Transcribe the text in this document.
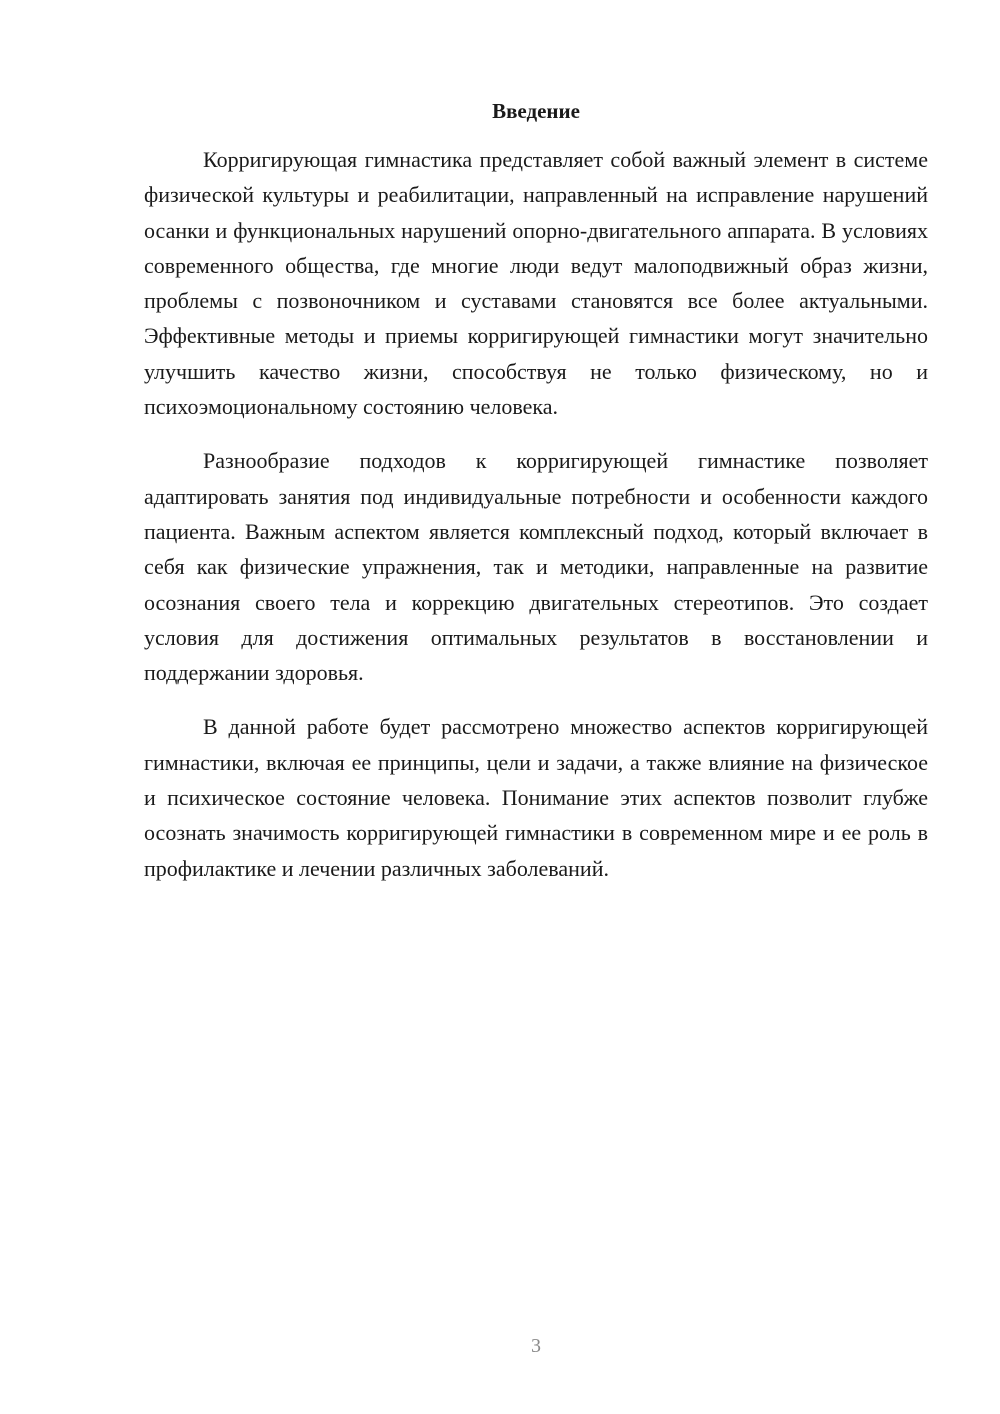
Введение

Корригирующая гимнастика представляет собой важный элемент в системе физической культуры и реабилитации, направленный на исправление нарушений осанки и функциональных нарушений опорно-двигательного аппарата. В условиях современного общества, где многие люди ведут малоподвижный образ жизни, проблемы с позвоночником и суставами становятся все более актуальными. Эффективные методы и приемы корригирующей гимнастики могут значительно улучшить качество жизни, способствуя не только физическому, но и психоэмоциональному состоянию человека.

Разнообразие подходов к корригирующей гимнастике позволяет адаптировать занятия под индивидуальные потребности и особенности каждого пациента. Важным аспектом является комплексный подход, который включает в себя как физические упражнения, так и методики, направленные на развитие осознания своего тела и коррекцию двигательных стереотипов. Это создает условия для достижения оптимальных результатов в восстановлении и поддержании здоровья.

В данной работе будет рассмотрено множество аспектов корригирующей гимнастики, включая ее принципы, цели и задачи, а также влияние на физическое и психическое состояние человека. Понимание этих аспектов позволит глубже осознать значимость корригирующей гимнастики в современном мире и ее роль в профилактике и лечении различных заболеваний.

3
